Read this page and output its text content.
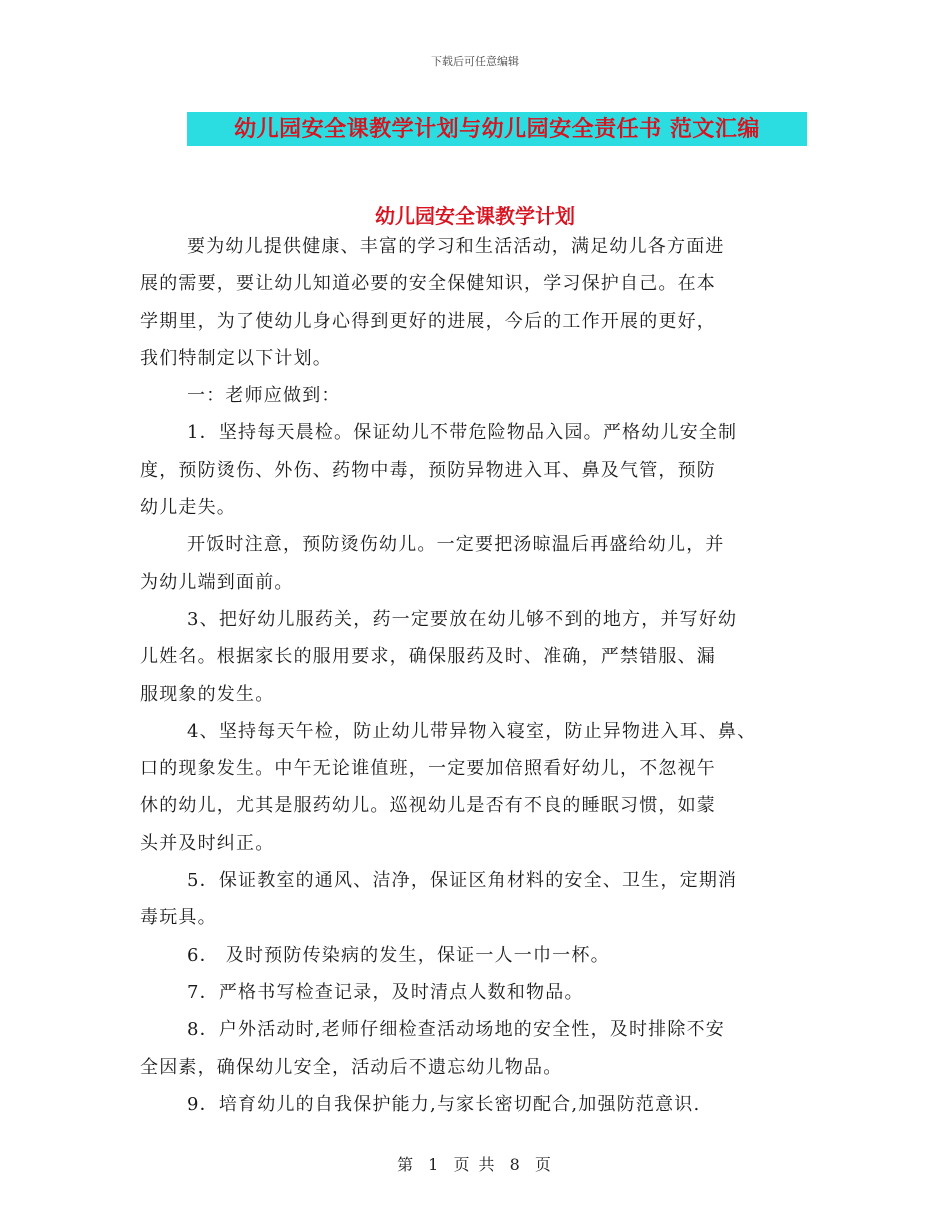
下载后可任意编辑
幼儿园安全课教学计划与幼儿园安全责任书 范文汇编
幼儿园安全课教学计划
要为幼儿提供健康、丰富的学习和生活活动，满足幼儿各方面进
展的需要，要让幼儿知道必要的安全保健知识，学习保护自己。在本
学期里，为了使幼儿身心得到更好的进展，今后的工作开展的更好，
我们特制定以下计划。
一：老师应做到：
1．坚持每天晨检。保证幼儿不带危险物品入园。严格幼儿安全制
度，预防烫伤、外伤、药物中毒，预防异物进入耳、鼻及气管，预防
幼儿走失。
开饭时注意，预防烫伤幼儿。一定要把汤晾温后再盛给幼儿，并
为幼儿端到面前。
3、把好幼儿服药关，药一定要放在幼儿够不到的地方，并写好幼
儿姓名。根据家长的服用要求，确保服药及时、准确，严禁错服、漏
服现象的发生。
4、坚持每天午检，防止幼儿带异物入寝室，防止异物进入耳、鼻、
口的现象发生。中午无论谁值班，一定要加倍照看好幼儿，不忽视午
休的幼儿，尤其是服药幼儿。巡视幼儿是否有不良的睡眠习惯，如蒙
头并及时纠正。
5．保证教室的通风、洁净，保证区角材料的安全、卫生，定期消
毒玩具。
6． 及时预防传染病的发生，保证一人一巾一杯。
7．严格书写检查记录，及时清点人数和物品。
8．户外活动时,老师仔细检查活动场地的安全性，及时排除不安
全因素，确保幼儿安全，活动后不遗忘幼儿物品。
9．培育幼儿的自我保护能力,与家长密切配合,加强防范意识.
第 1 页 共 8 页
